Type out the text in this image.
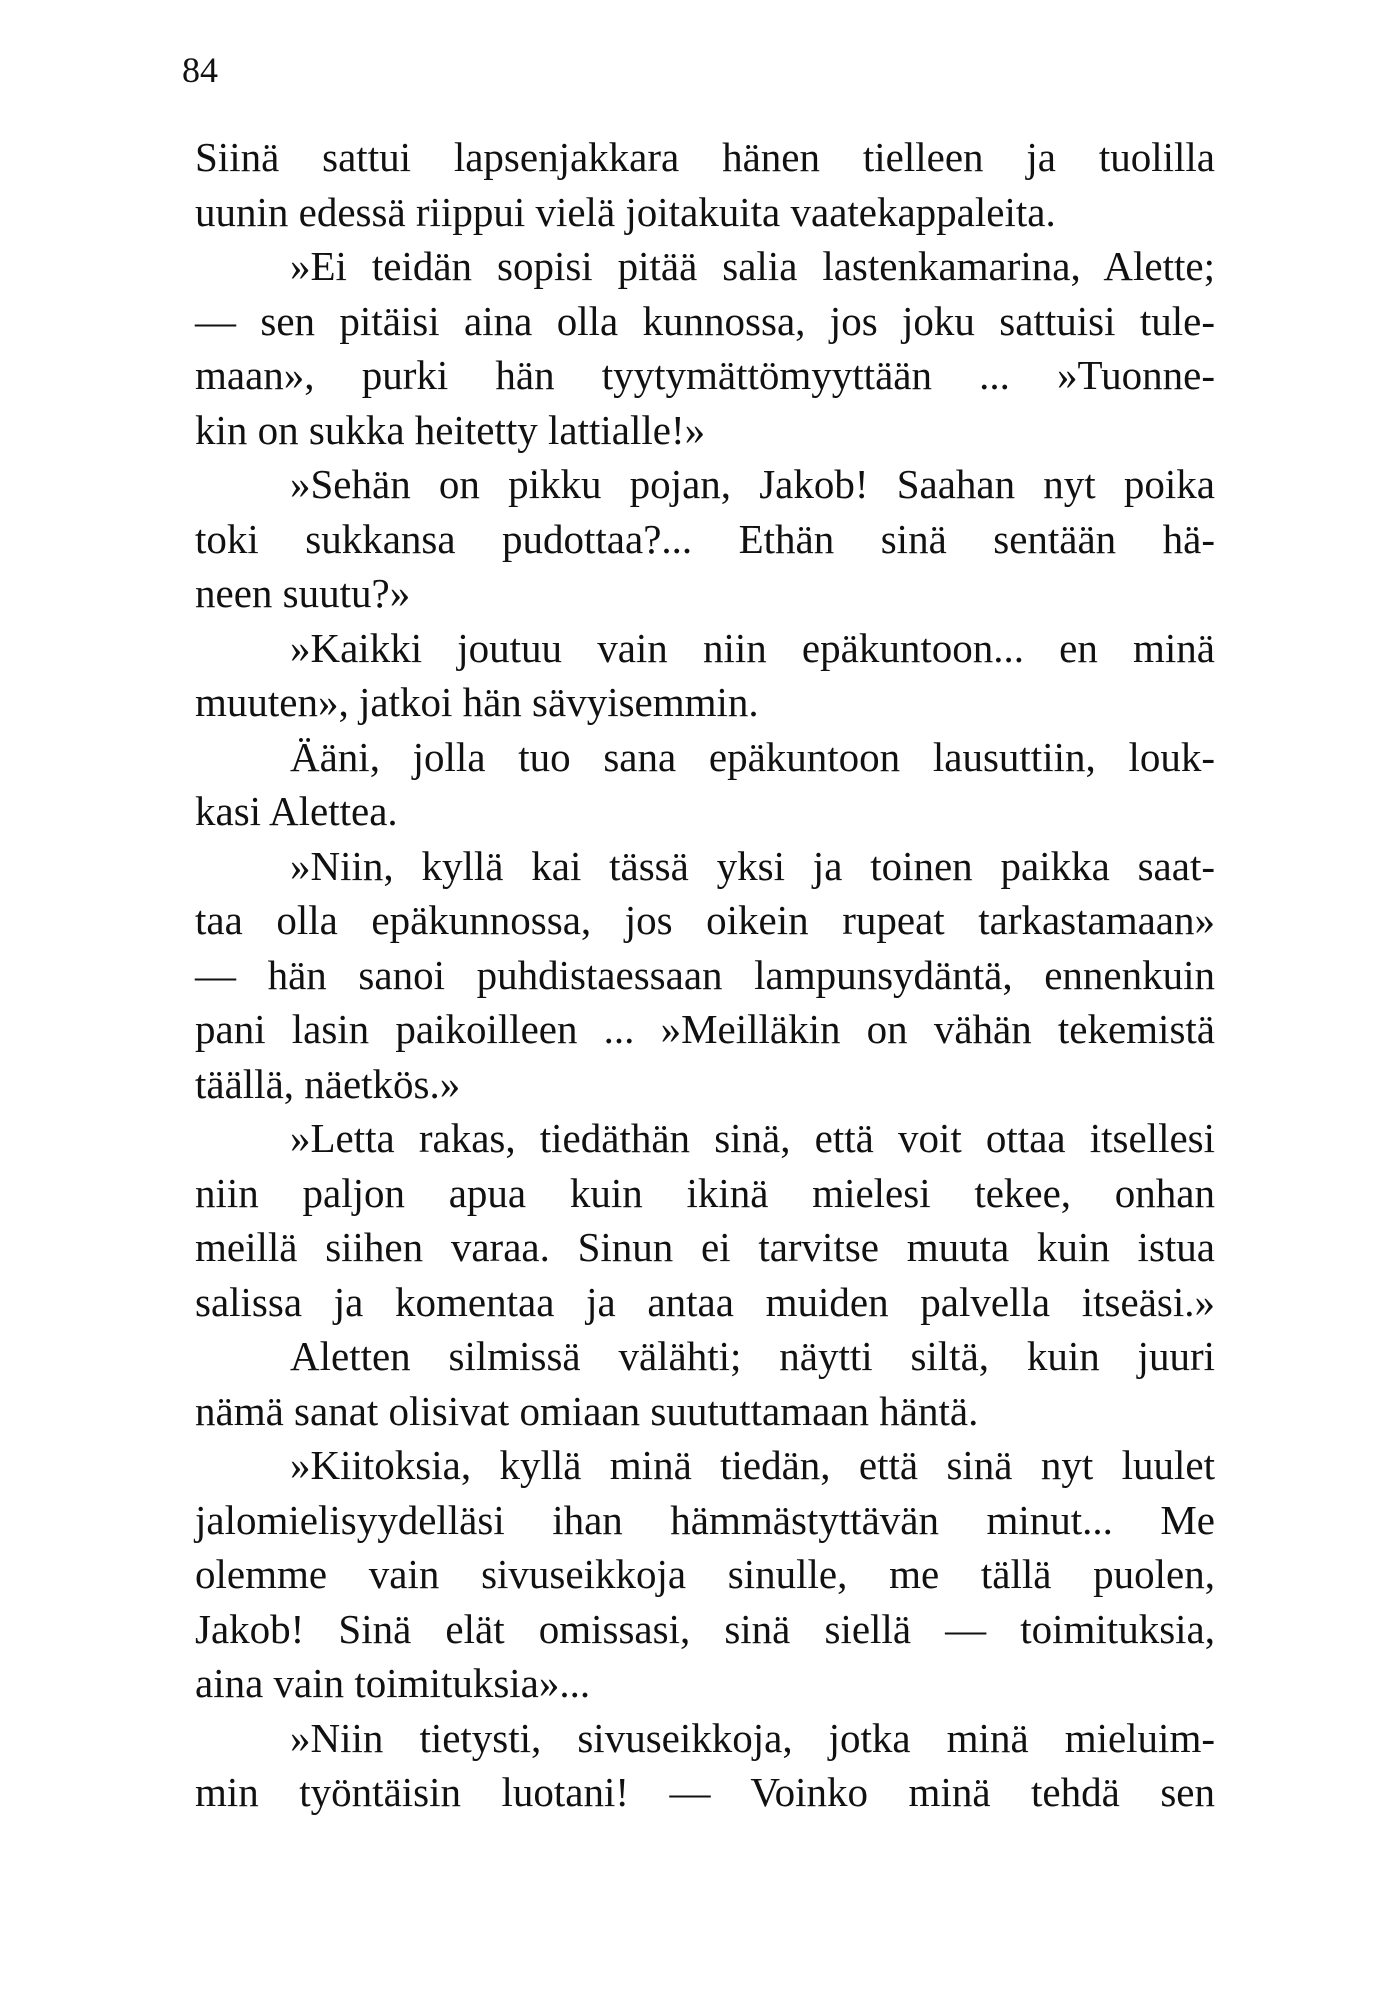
84
Siinä sattui lapsenjakkara hänen tielleen ja tuolilla
uunin edessä riippui vielä joitakuita vaatekappaleita.
»Ei teidän sopisi pitää salia lastenkamarina, Alette;
— sen pitäisi aina olla kunnossa, jos joku sattuisi tule-
maan», purki hän tyytymättömyyttään ... »Tuonne-
kin on sukka heitetty lattialle!»
»Sehän on pikku pojan, Jakob! Saahan nyt poika
toki sukkansa pudottaa?... Ethän sinä sentään hä-
neen suutu?»
»Kaikki joutuu vain niin epäkuntoon... en minä
muuten», jatkoi hän sävyisemmin.
Ääni, jolla tuo sana epäkuntoon lausuttiin, louk-
kasi Alettea.
»Niin, kyllä kai tässä yksi ja toinen paikka saat-
taa olla epäkunnossa, jos oikein rupeat tarkastamaan»
— hän sanoi puhdistaessaan lampunsydäntä, ennenkuin
pani lasin paikoilleen ... »Meilläkin on vähän tekemistä
täällä, näetkös.»
»Letta rakas, tiedäthän sinä, että voit ottaa itsellesi
niin paljon apua kuin ikinä mielesi tekee, onhan
meillä siihen varaa. Sinun ei tarvitse muuta kuin istua
salissa ja komentaa ja antaa muiden palvella itseäsi.»
Aletten silmissä välähti; näytti siltä, kuin juuri
nämä sanat olisivat omiaan suututtamaan häntä.
»Kiitoksia, kyllä minä tiedän, että sinä nyt luulet
jalomielisyydelläsi ihan hämmästyttävän minut... Me
olemme vain sivuseikkoja sinulle, me tällä puolen,
Jakob! Sinä elät omissasi, sinä siellä — toimituksia,
aina vain toimituksia»...
»Niin tietysti, sivuseikkoja, jotka minä mieluim-
min työntäisin luotani! — Voinko minä tehdä sen
